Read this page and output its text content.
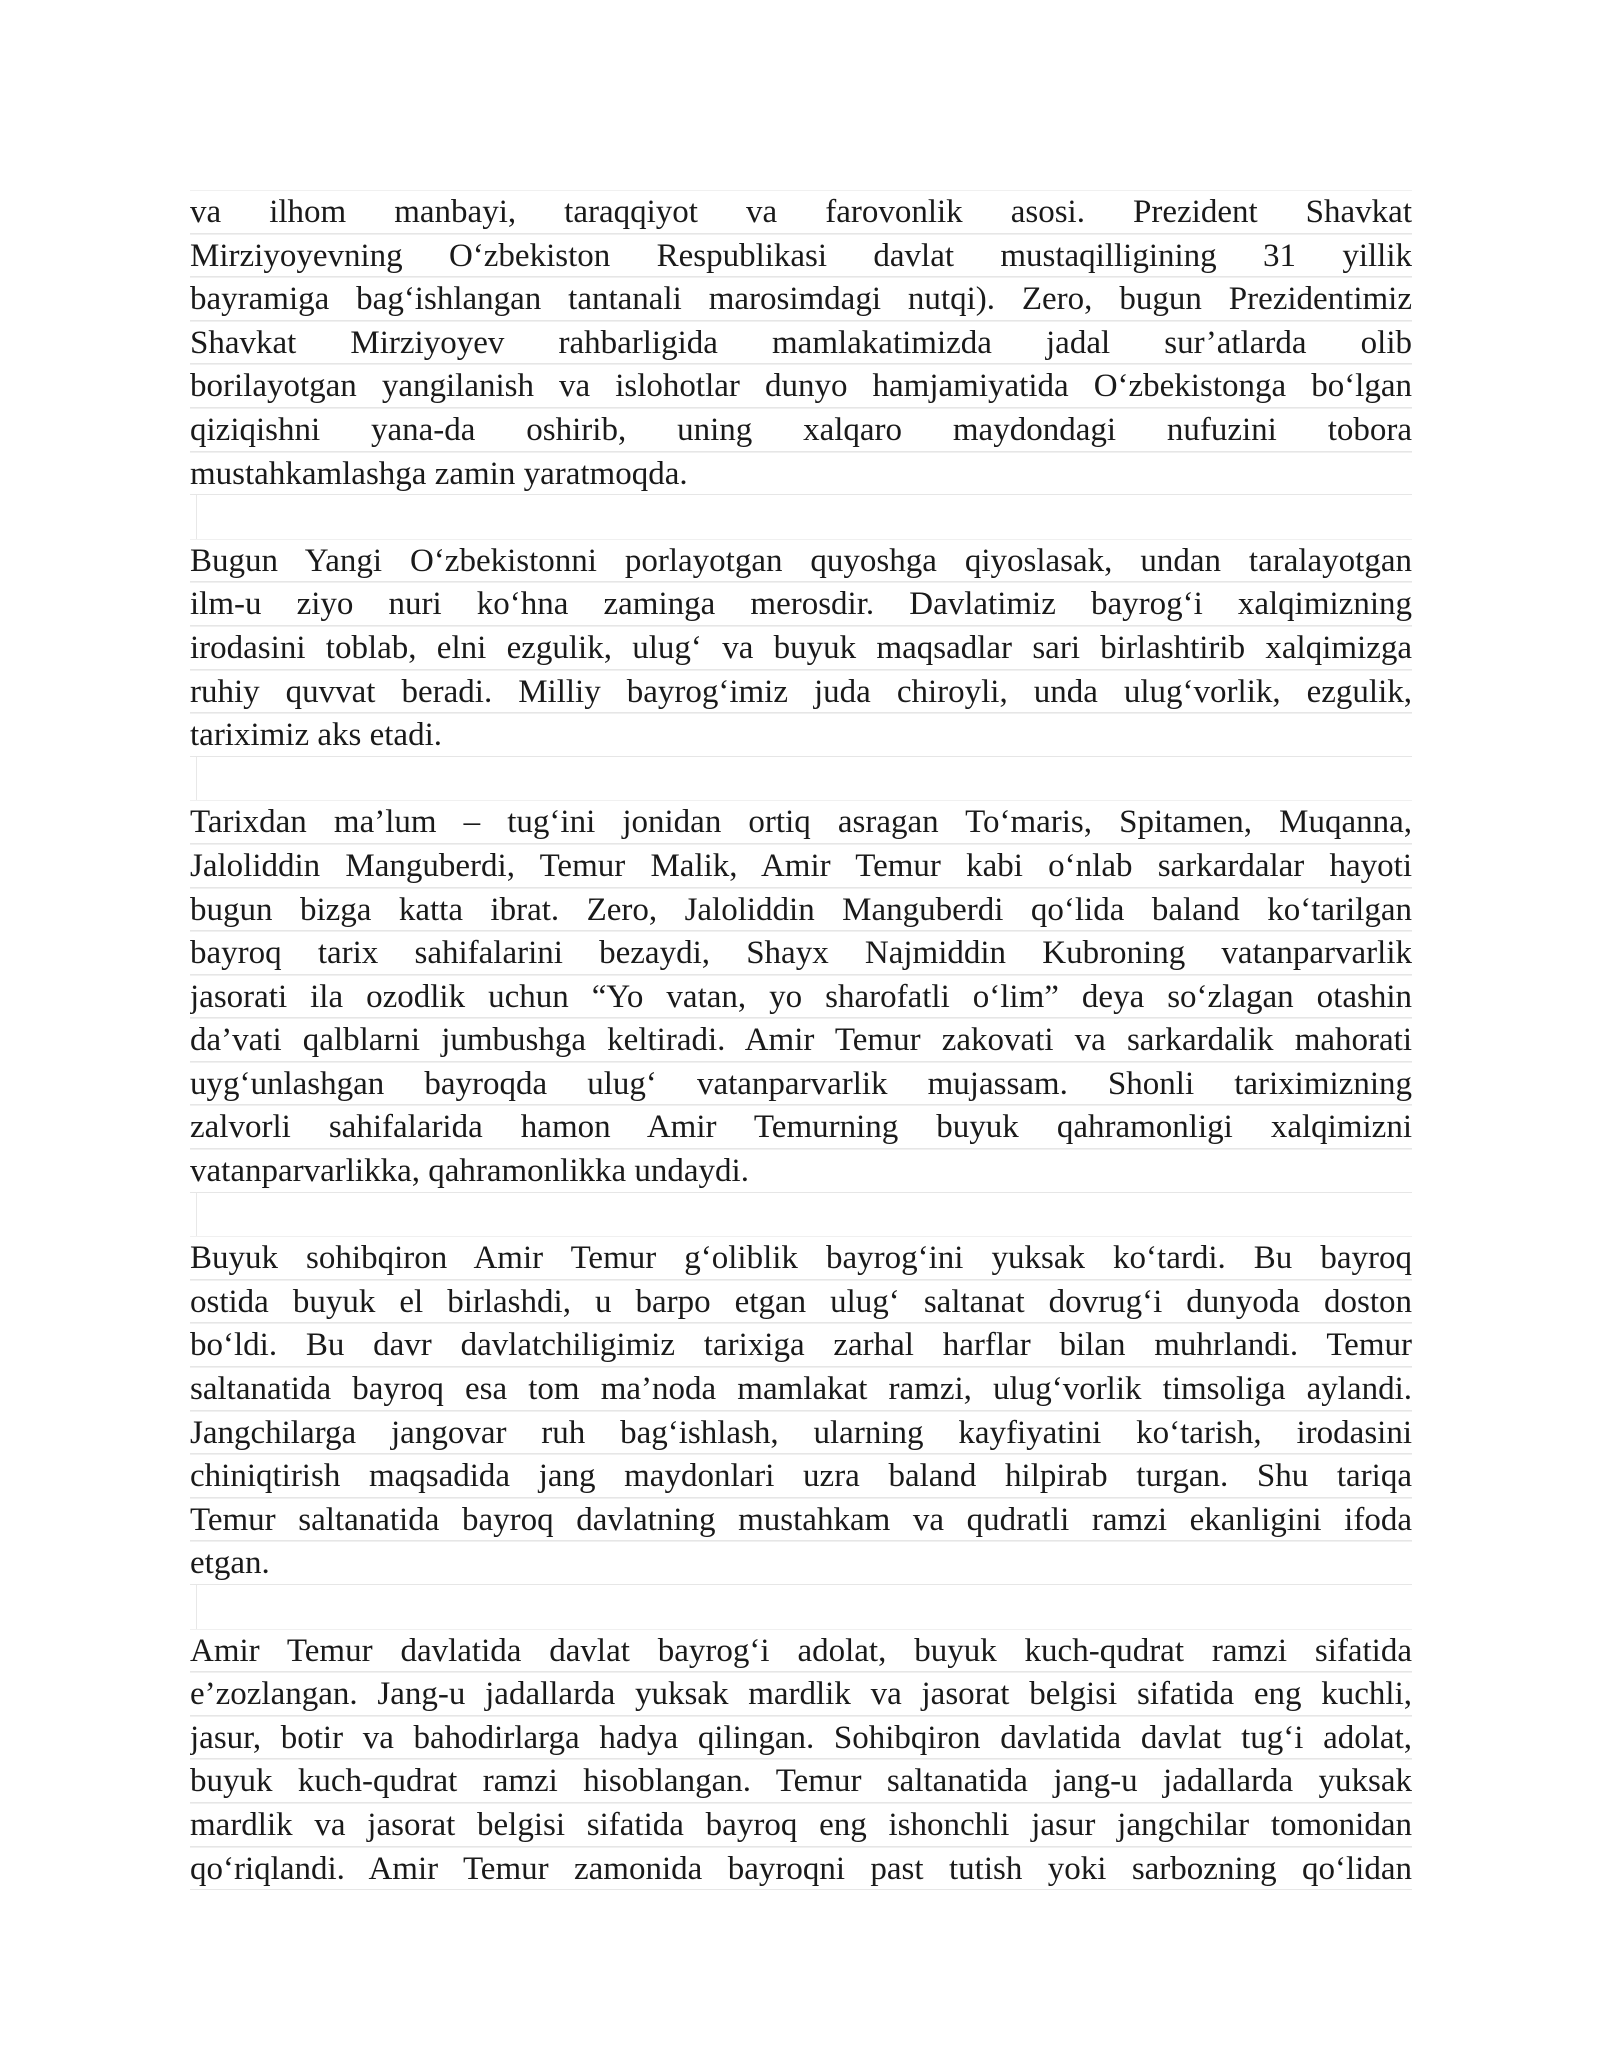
va ilhom manbayi, taraqqiyot va farovonlik asosi. Prezident Shavkat
Mirziyoyevning O‘zbekiston Respublikasi davlat mustaqilligining 31 yillik
bayramiga bag‘ishlangan tantanali marosimdagi nutqi). Zero, bugun Prezidentimiz
Shavkat Mirziyoyev rahbarligida mamlakatimizda jadal sur’atlarda olib
borilayotgan yangilanish va islohotlar dunyo hamjamiyatida O‘zbekistonga bo‘lgan
qiziqishni yana-da oshirib, uning xalqaro maydondagi nufuzini tobora
mustahkamlashga zamin yaratmoqda.
Bugun Yangi O‘zbekistonni porlayotgan quyoshga qiyoslasak, undan taralayotgan
ilm-u ziyo nuri ko‘hna zaminga merosdir. Davlatimiz bayrog‘i xalqimizning
irodasini toblab, elni ezgulik, ulug‘ va buyuk maqsadlar sari birlashtirib xalqimizga
ruhiy quvvat beradi. Milliy bayrog‘imiz juda chiroyli, unda ulug‘vorlik, ezgulik,
tariximiz aks etadi.
Tarixdan ma’lum – tug‘ini jonidan ortiq asragan To‘maris, Spitamen, Muqanna,
Jaloliddin Manguberdi, Temur Malik, Amir Temur kabi o‘nlab sarkardalar hayoti
bugun bizga katta ibrat. Zero, Jaloliddin Manguberdi qo‘lida baland ko‘tarilgan
bayroq tarix sahifalarini bezaydi, Shayx Najmiddin Kubroning vatanparvarlik
jasorati ila ozodlik uchun “Yo vatan, yo sharofatli o‘lim” deya so‘zlagan otashin
da’vati qalblarni jumbushga keltiradi. Amir Temur zakovati va sarkardalik mahorati
uyg‘unlashgan bayroqda ulug‘ vatanparvarlik mujassam. Shonli tariximizning
zalvorli sahifalarida hamon Amir Temurning buyuk qahramonligi xalqimizni
vatanparvarlikka, qahramonlikka undaydi.
Buyuk sohibqiron Amir Temur g‘oliblik bayrog‘ini yuksak ko‘tardi. Bu bayroq
ostida buyuk el birlashdi, u barpo etgan ulug‘ saltanat dovrug‘i dunyoda doston
bo‘ldi. Bu davr davlatchiligimiz tarixiga zarhal harflar bilan muhrlandi. Temur
saltanatida bayroq esa tom ma’noda mamlakat ramzi, ulug‘vorlik timsoliga aylandi.
Jangchilarga jangovar ruh bag‘ishlash, ularning kayfiyatini ko‘tarish, irodasini
chiniqtirish maqsadida jang maydonlari uzra baland hilpirab turgan. Shu tariqa
Temur saltanatida bayroq davlatning mustahkam va qudratli ramzi ekanligini ifoda
etgan.
Amir Temur davlatida davlat bayrog‘i adolat, buyuk kuch-qudrat ramzi sifatida
e’zozlangan. Jang-u jadallarda yuksak mardlik va jasorat belgisi sifatida eng kuchli,
jasur, botir va bahodirlarga hadya qilingan. Sohibqiron davlatida davlat tug‘i adolat,
buyuk kuch-qudrat ramzi hisoblangan. Temur saltanatida jang-u jadallarda yuksak
mardlik va jasorat belgisi sifatida bayroq eng ishonchli jasur jangchilar tomonidan
qo‘riqlandi. Amir Temur zamonida bayroqni past tutish yoki sarbozning qo‘lidan
